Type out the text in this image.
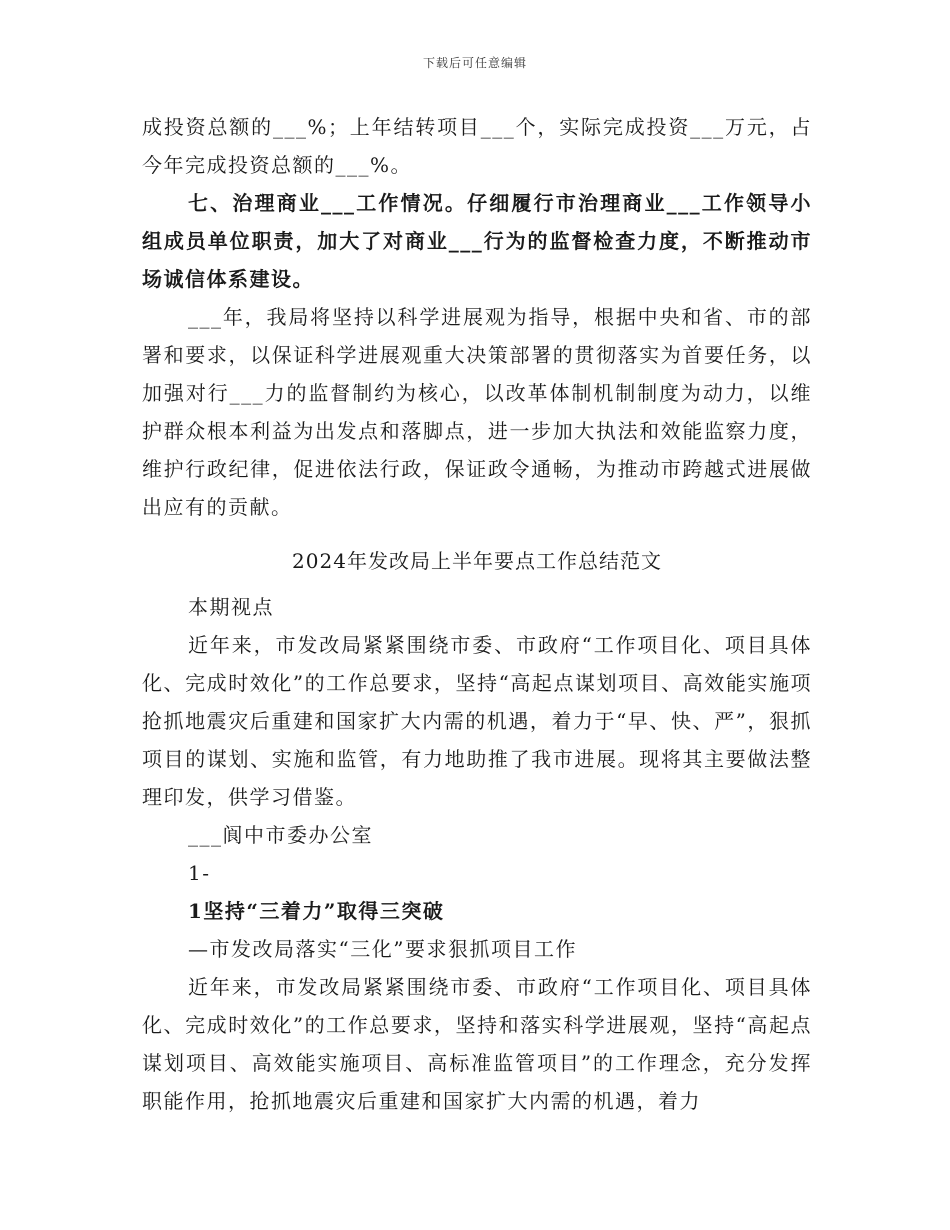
下载后可任意编辑

成投资总额的___%；上年结转项目___个，实际完成投资___万元，占今年完成投资总额的___%。

七、治理商业___工作情况。仔细履行市治理商业___工作领导小组成员单位职责，加大了对商业___行为的监督检查力度，不断推动市场诚信体系建设。

___年，我局将坚持以科学进展观为指导，根据中央和省、市的部署和要求，以保证科学进展观重大决策部署的贯彻落实为首要任务，以加强对行___力的监督制约为核心，以改革体制机制制度为动力，以维护群众根本利益为出发点和落脚点，进一步加大执法和效能监察力度，维护行政纪律，促进依法行政，保证政令通畅，为推动市跨越式进展做出应有的贡献。

2024年发改局上半年要点工作总结范文

本期视点

近年来，市发改局紧紧围绕市委、市政府“工作项目化、项目具体化、完成时效化”的工作总要求，坚持“高起点谋划项目、高效能实施项抢抓地震灾后重建和国家扩大内需的机遇，着力于“早、快、严”，狠抓项目的谋划、实施和监管，有力地助推了我市进展。现将其主要做法整理印发，供学习借鉴。

___阆中市委办公室

1-

1坚持“三着力”取得三突破

—市发改局落实“三化”要求狠抓项目工作

近年来，市发改局紧紧围绕市委、市政府“工作项目化、项目具体化、完成时效化”的工作总要求，坚持和落实科学进展观，坚持“高起点谋划项目、高效能实施项目、高标准监管项目”的工作理念，充分发挥职能作用，抢抓地震灾后重建和国家扩大内需的机遇，着力
